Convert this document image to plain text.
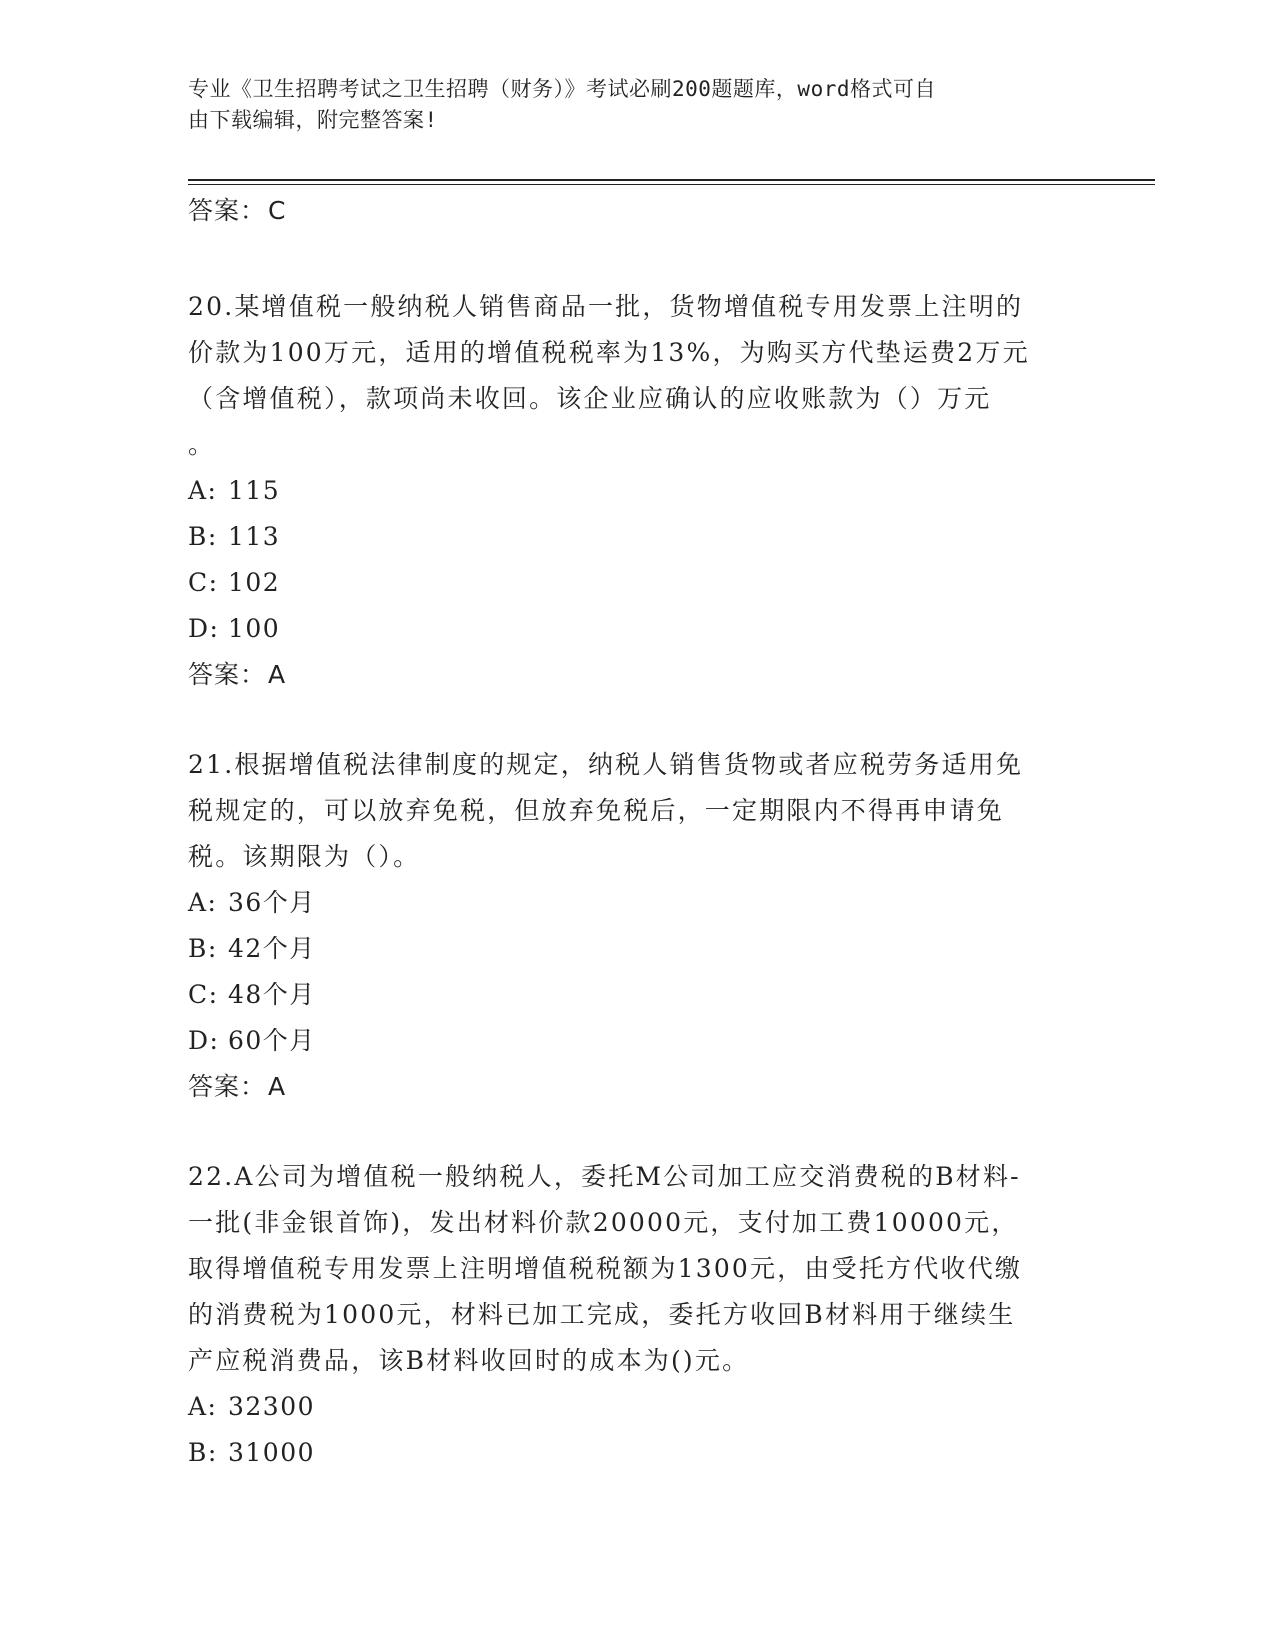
专业《卫生招聘考试之卫生招聘（财务）》考试必刷200题题库，word格式可自
由下载编辑，附完整答案!
答案：C
20.某增值税一般纳税人销售商品一批，货物增值税专用发票上注明的
价款为100万元，适用的增值税税率为13%，为购买方代垫运费2万元
（含增值税），款项尚未收回。该企业应确认的应收账款为（）万元
。
A: 115
B: 113
C: 102
D: 100
答案：A
21.根据增值税法律制度的规定，纳税人销售货物或者应税劳务适用免
税规定的，可以放弃免税，但放弃免税后，一定期限内不得再申请免
税。该期限为（）。
A: 36个月
B: 42个月
C: 48个月
D: 60个月
答案：A
22.A公司为增值税一般纳税人，委托M公司加工应交消费税的B材料-
一批(非金银首饰)，发出材料价款20000元，支付加工费10000元，
取得增值税专用发票上注明增值税税额为1300元，由受托方代收代缴
的消费税为1000元，材料已加工完成，委托方收回B材料用于继续生
产应税消费品，该B材料收回时的成本为()元。
A: 32300
B: 31000
